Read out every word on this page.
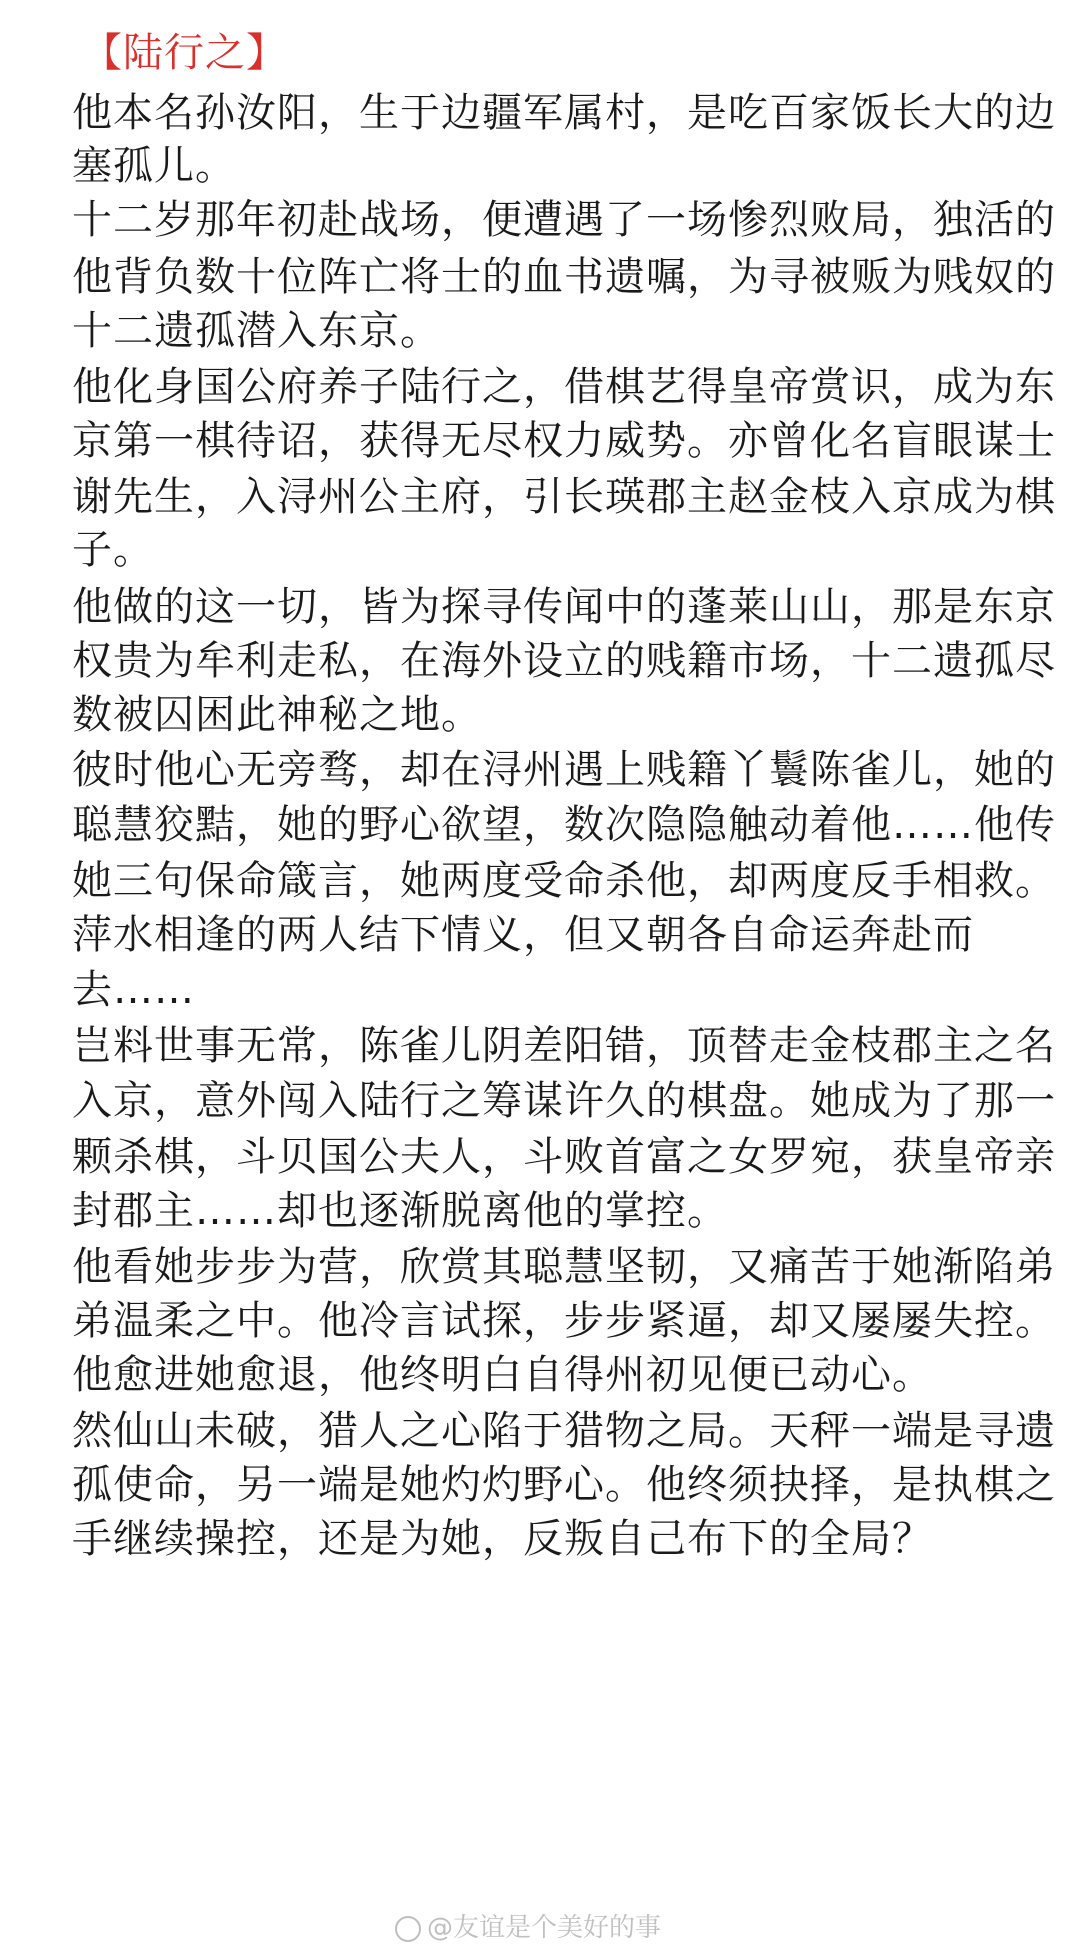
【陆行之】
他本名孙汝阳，生于边疆军属村，是吃百家饭长大的边
塞孤儿。
十二岁那年初赴战场，便遭遇了一场惨烈败局，独活的
他背负数十位阵亡将士的血书遗嘱，为寻被贩为贱奴的
十二遗孤潜入东京。
他化身国公府养子陆行之，借棋艺得皇帝赏识，成为东
京第一棋待诏，获得无尽权力威势。亦曾化名盲眼谋士
谢先生，入浔州公主府，引长瑛郡主赵金枝入京成为棋
子。
他做的这一切，皆为探寻传闻中的蓬莱山山，那是东京
权贵为牟利走私，在海外设立的贱籍市场，十二遗孤尽
数被囚困此神秘之地。
彼时他心无旁骛，却在浔州遇上贱籍丫鬟陈雀儿，她的
聪慧狡黠，她的野心欲望，数次隐隐触动着他……他传
她三句保命箴言，她两度受命杀他，却两度反手相救。
萍水相逢的两人结下情义，但又朝各自命运奔赴而
去……
岂料世事无常，陈雀儿阴差阳错，顶替走金枝郡主之名
入京，意外闯入陆行之筹谋许久的棋盘。她成为了那一
颗杀棋，斗贝国公夫人，斗败首富之女罗宛，获皇帝亲
封郡主……却也逐渐脱离他的掌控。
他看她步步为营，欣赏其聪慧坚韧，又痛苦于她渐陷弟
弟温柔之中。他冷言试探，步步紧逼，却又屡屡失控。
他愈进她愈退，他终明白自得州初见便已动心。
然仙山未破，猎人之心陷于猎物之局。天秤一端是寻遗
孤使命，另一端是她灼灼野心。他终须抉择，是执棋之
手继续操控，还是为她，反叛自己布下的全局？
@友谊是个美好的事
